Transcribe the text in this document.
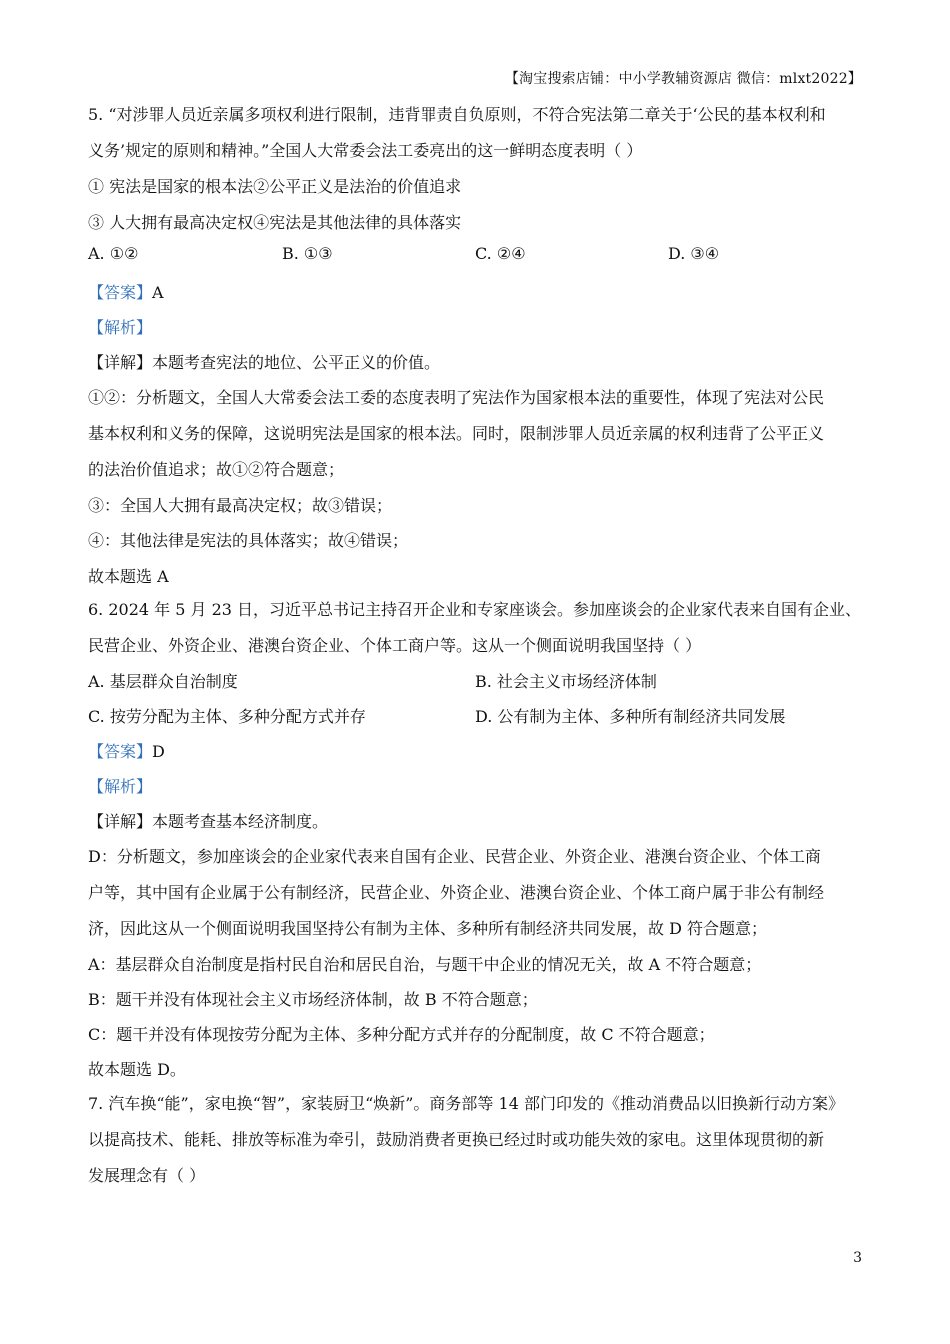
【淘宝搜索店铺：中小学教辅资源店 微信：mlxt2022】
5. “对涉罪人员近亲属多项权利进行限制，违背罪责自负原则，不符合宪法第二章关于‘公民的基本权利和
义务’规定的原则和精神。”全国人大常委会法工委亮出的这一鲜明态度表明（ ）
① 宪法是国家的根本法②公平正义是法治的价值追求
③ 人大拥有最高决定权④宪法是其他法律的具体落实
A. ①②	B. ①③	C. ②④	D. ③④
【答案】A
【解析】
【详解】本题考查宪法的地位、公平正义的价值。
①②：分析题文，全国人大常委会法工委的态度表明了宪法作为国家根本法的重要性，体现了宪法对公民
基本权利和义务的保障，这说明宪法是国家的根本法。同时，限制涉罪人员近亲属的权利违背了公平正义
的法治价值追求；故①②符合题意；
③：全国人大拥有最高决定权；故③错误；
④：其他法律是宪法的具体落实；故④错误；
故本题选 A
6. 2024 年 5 月 23 日，习近平总书记主持召开企业和专家座谈会。参加座谈会的企业家代表来自国有企业、
民营企业、外资企业、港澳台资企业、个体工商户等。这从一个侧面说明我国坚持（ ）
A. 基层群众自治制度	B. 社会主义市场经济体制
C. 按劳分配为主体、多种分配方式并存	D. 公有制为主体、多种所有制经济共同发展
【答案】D
【解析】
【详解】本题考查基本经济制度。
D：分析题文，参加座谈会的企业家代表来自国有企业、民营企业、外资企业、港澳台资企业、个体工商
户等，其中国有企业属于公有制经济，民营企业、外资企业、港澳台资企业、个体工商户属于非公有制经
济，因此这从一个侧面说明我国坚持公有制为主体、多种所有制经济共同发展，故 D 符合题意；
A：基层群众自治制度是指村民自治和居民自治，与题干中企业的情况无关，故 A 不符合题意；
B：题干并没有体现社会主义市场经济体制，故 B 不符合题意；
C：题干并没有体现按劳分配为主体、多种分配方式并存的分配制度，故 C 不符合题意；
故本题选 D。
7. 汽车换“能”，家电换“智”，家装厨卫“焕新”。商务部等 14 部门印发的《推动消费品以旧换新行动方案》
以提高技术、能耗、排放等标准为牵引，鼓励消费者更换已经过时或功能失效的家电。这里体现贯彻的新
发展理念有（ ）
3
